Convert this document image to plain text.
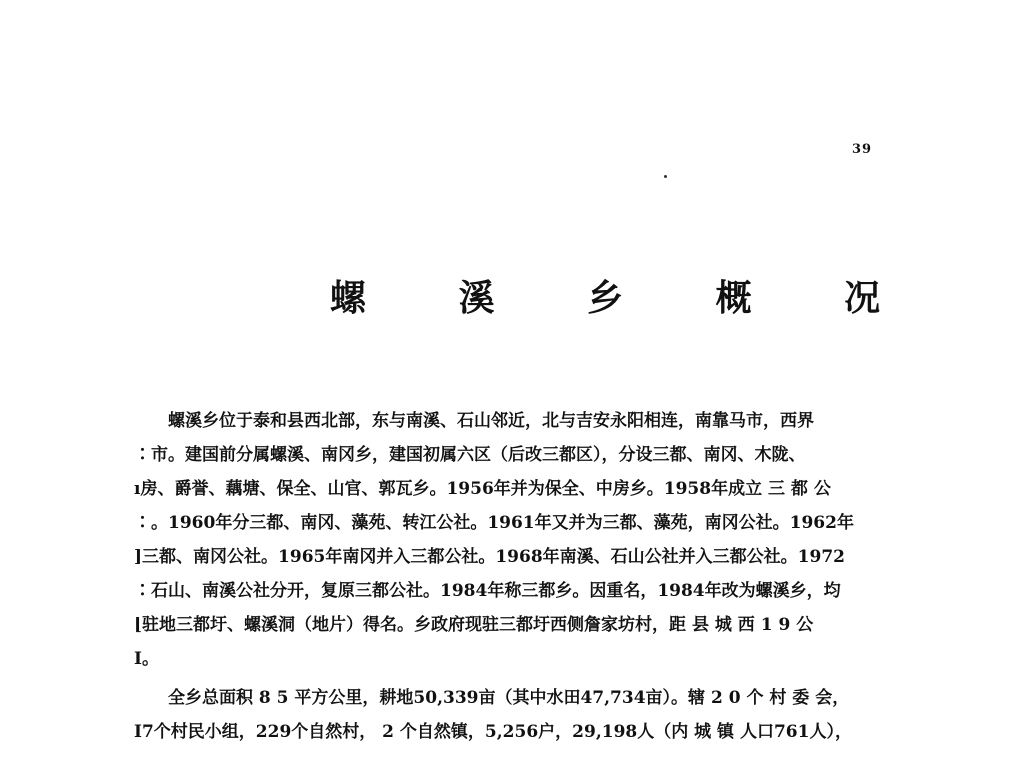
39
螺 溪 乡 概 况
螺溪乡位于泰和县西北部，东与南溪、石山邻近，北与吉安永阳相连，南靠马市，西界
∶市。建国前分属螺溪、南冈乡，建国初属六区（后改三都区），分设三都、南冈、木陇、
ı房、爵誉、藕塘、保全、山官、郭瓦乡。1956年并为保全、中房乡。1958年成立 三 都 公
∶。1960年分三都、南冈、藻苑、转江公社。1961年又并为三都、藻苑，南冈公社。1962年
]三都、南冈公社。1965年南冈并入三都公社。1968年南溪、石山公社并入三都公社。1972
∶石山、南溪公社分开，复原三都公社。1984年称三都乡。因重名，1984年改为螺溪乡，均
⌊驻地三都圩、螺溪洞（地片）得名。乡政府现驻三都圩西侧詹家坊村，距 县 城 西 1 9 公
Ⅰ。
全乡总面积 8 5 平方公里，耕地50,339亩（其中水田47,734亩）。辖 2 0 个 村 委 会，
I7个村民小组，229个自然村， 2 个自然镇，5,256户，29,198人（内 城 镇 人口761人），
